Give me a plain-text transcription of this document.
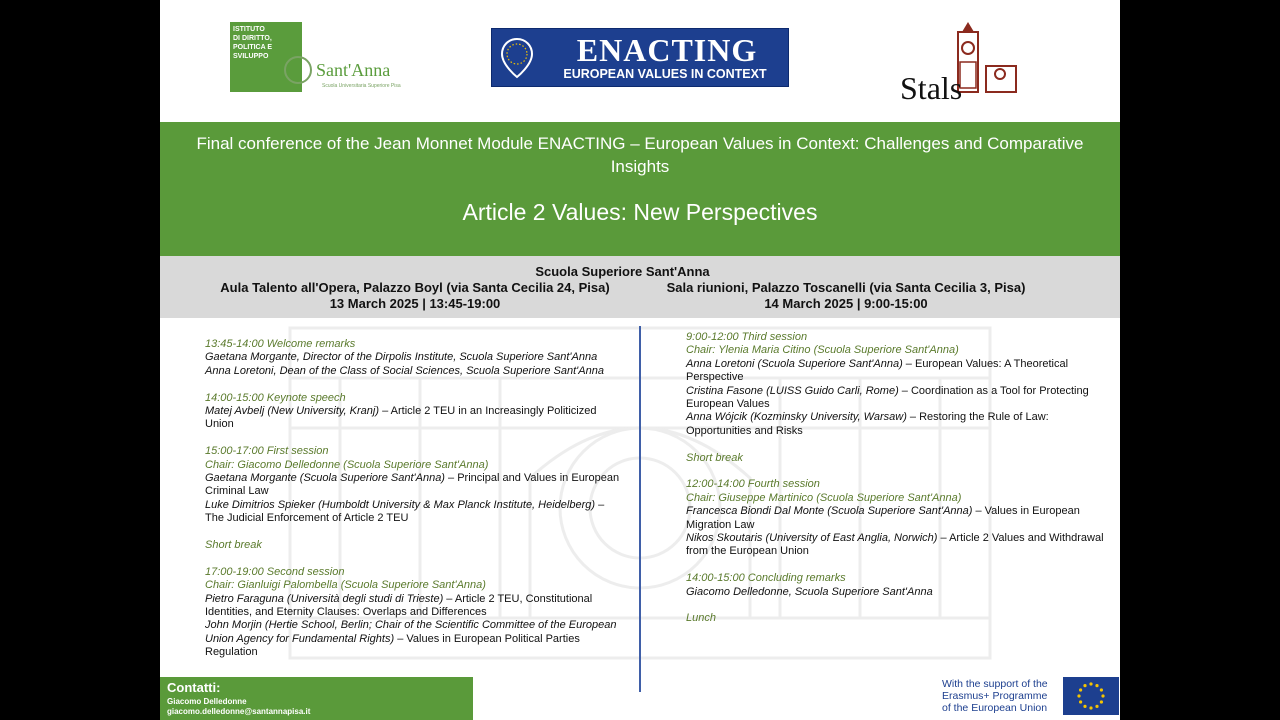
ISTITUTO
DI DIRITTO,
POLITICA E
SVILUPPO
Sant'Anna
Scuola Universitaria Superiore Pisa
ENACTING
EUROPEAN VALUES IN CONTEXT	Stals
Final conference of the Jean Monnet Module ENACTING – European Values in Context: Challenges and Comparative Insights
Article 2 Values: New Perspectives
Scuola Superiore Sant'Anna
Aula Talento all'Opera, Palazzo Boyl (via Santa Cecilia 24, Pisa)
13 March 2025 | 13:45-19:00
Sala riunioni, Palazzo Toscanelli (via Santa Cecilia 3, Pisa)
14 March 2025 | 9:00-15:00
13:45-14:00 Welcome remarks
Gaetana Morgante, Director of the Dirpolis Institute, Scuola Superiore Sant'Anna
Anna Loretoni, Dean of the Class of Social Sciences, Scuola Superiore Sant'Anna
14:00-15:00 Keynote speech
Matej Avbelj (New University, Kranj) – Article 2 TEU in an Increasingly Politicized Union
15:00-17:00 First session
Chair: Giacomo Delledonne (Scuola Superiore Sant'Anna)
Gaetana Morgante (Scuola Superiore Sant'Anna) – Principal and Values in European Criminal Law
Luke Dimitrios Spieker (Humboldt University & Max Planck Institute, Heidelberg) – The Judicial Enforcement of Article 2 TEU
Short break
17:00-19:00 Second session
Chair: Gianluigi Palombella (Scuola Superiore Sant'Anna)
Pietro Faraguna (Università degli studi di Trieste) – Article 2 TEU, Constitutional Identities, and Eternity Clauses: Overlaps and Differences
John Morjin (Hertie School, Berlin; Chair of the Scientific Committee of the European Union Agency for Fundamental Rights) – Values in European Political Parties Regulation
9:00-12:00 Third session
Chair: Ylenia Maria Citino (Scuola Superiore Sant'Anna)
Anna Loretoni (Scuola Superiore Sant'Anna) – European Values: A Theoretical Perspective
Cristina Fasone (LUISS Guido Carli, Rome) – Coordination as a Tool for Protecting European Values
Anna Wójcik (Kozminsky University, Warsaw) – Restoring the Rule of Law: Opportunities and Risks
Short break
12:00-14:00 Fourth session
Chair: Giuseppe Martinico (Scuola Superiore Sant'Anna)
Francesca Biondi Dal Monte (Scuola Superiore Sant'Anna) – Values in European Migration Law
Nikos Skoutaris (University of East Anglia, Norwich) – Article 2 Values and Withdrawal from the European Union
14:00-15:00 Concluding remarks
Giacomo Delledonne, Scuola Superiore Sant'Anna
Lunch
Contatti:
Giacomo Delledonne
giacomo.delledonne@santannapisa.it
With the support of the
Erasmus+ Programme
of the European Union
